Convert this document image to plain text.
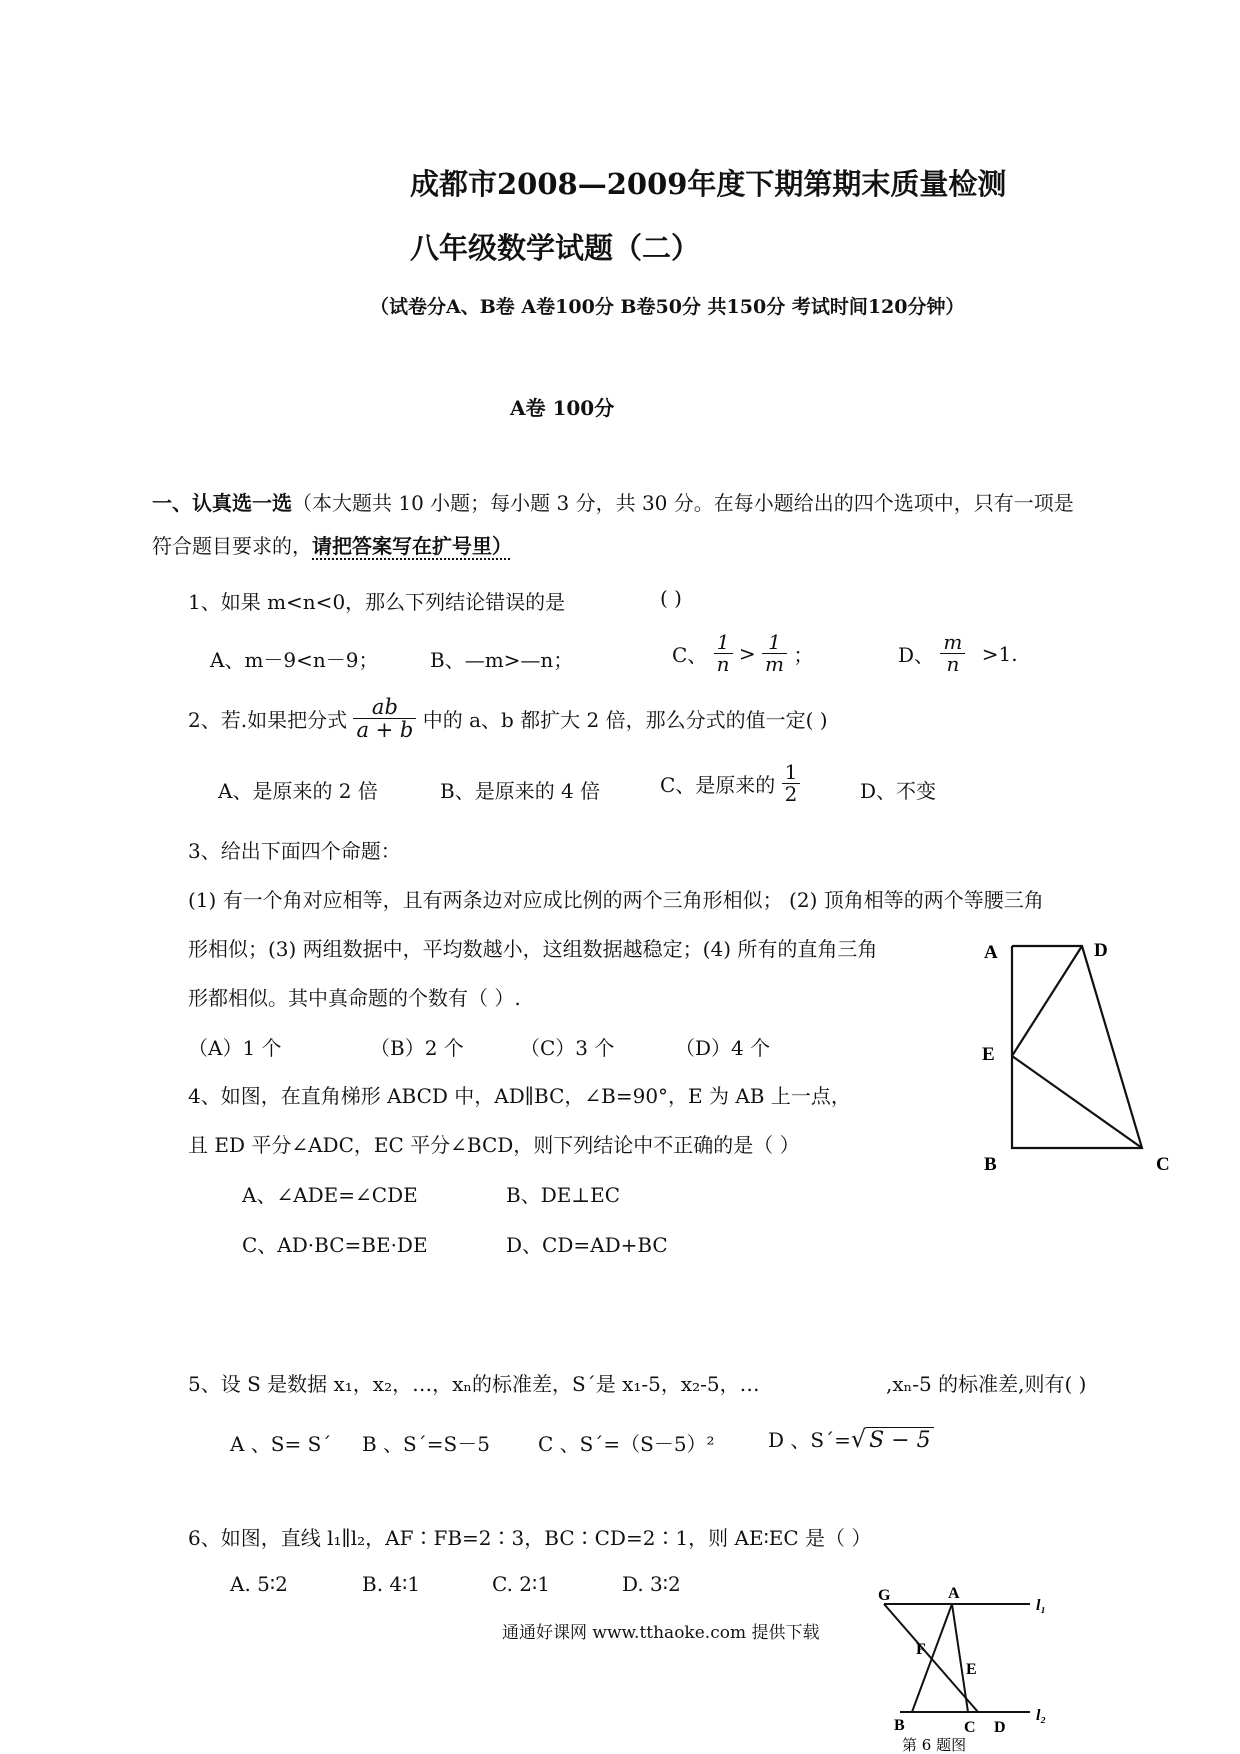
成都市2008—2009年度下期第期末质量检测
八年级数学试题（二）
（试卷分A、B卷 A卷100分 B卷50分 共150分 考试时间120分钟）
A卷 100分
一、认真选一选（本大题共 10 小题；每小题 3 分，共 30 分。在每小题给出的四个选项中，只有一项是
符合题目要求的，请把答案写在扩号里）
1、如果 m<n<0，那么下列结论错误的是	( )
A、m－9<n－9；	B、—m>—n；	C、 $\frac{1}{n} > \frac{1}{m}$ ；	D、 $\frac{m}{n} >1$.
2、若.如果把分式 $\frac{ab}{a + b}$ 中的 a、b 都扩大 2 倍，那么分式的值一定( )
A、是原来的 2 倍	B、是原来的 4 倍	C、是原来的 $\frac{1}{2}$	D、不变
3、给出下面四个命题：
(1) 有一个角对应相等，且有两条边对应成比例的两个三角形相似； (2) 顶角相等的两个等腰三角
形相似；(3) 两组数据中，平均数越小，这组数据越稳定；(4) 所有的直角三角
形都相似。其中真命题的个数有（ ）.
（A）1 个	（B）2 个	（C）3 个	（D）4 个
4、如图，在直角梯形 ABCD 中，AD∥BC，∠B=90°，E 为 AB 上一点，
且 ED 平分∠ADC，EC 平分∠BCD，则下列结论中不正确的是（ ）
A、∠ADE=∠CDE	B、DE⊥EC
C、AD·BC=BE·DE	D、CD=AD+BC
A	D
E
B	C
5、设 S 是数据 x₁，x₂，…，xₙ的标准差，S´是 x₁-5，x₂-5，…	,xₙ-5 的标准差,则有( )
A 、S= S´ B 、S´=S－5 C 、S´=（S－5）²	D 、S´=√ S − 5
6、如图，直线 l₁∥l₂，AF∶FB=2∶3，BC∶CD=2∶1，则 AE∶EC 是（ ）
A. 5∶2	B. 4∶1	C. 2∶1	D. 3∶2
通通好课网 www.tthaoke.com 提供下载
G	A
l₁
F
E
B	C D
l₂
第 6 题图
